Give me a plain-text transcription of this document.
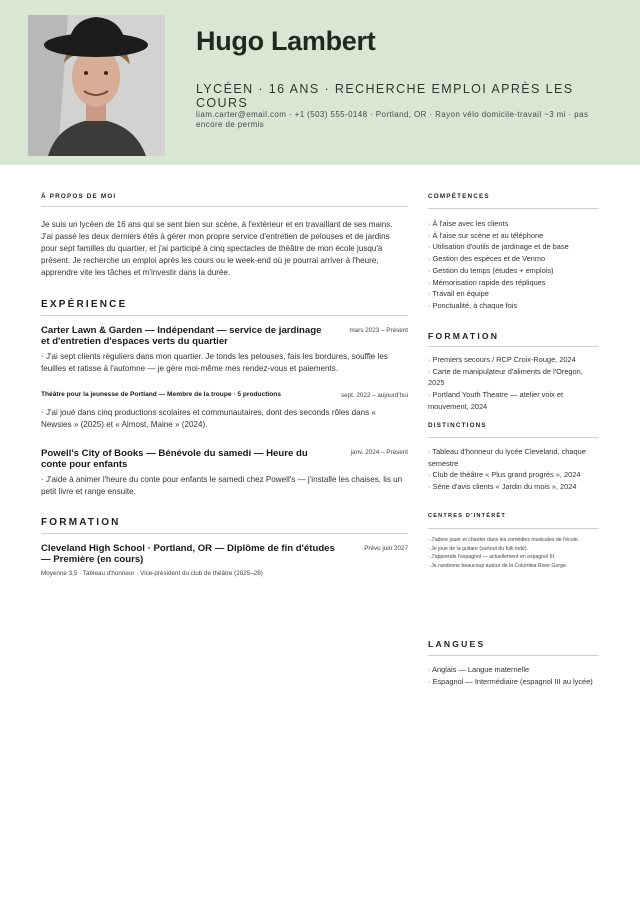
Hugo Lambert
LYCÉEN · 16 ANS · RECHERCHE EMPLOI APRÈS LES COURS
liam.carter@email.com · +1 (503) 555-0148 · Portland, OR · Rayon vélo domicile-travail ~3 mi · pas encore de permis
À PROPOS DE MOI
Je suis un lycéen de 16 ans qui se sent bien sur scène, à l'extérieur et en travaillant de ses mains. J'ai passé les deux derniers étés à gérer mon propre service d'entretien de pelouses et de jardins pour sept familles du quartier, et j'ai participé à cinq spectacles de théâtre de mon école jusqu'à présent. Je recherche un emploi après les cours ou le week-end où je pourrai arriver à l'heure, apprendre vite les tâches et m'investir dans la durée.
EXPÉRIENCE
Carter Lawn & Garden — Indépendant — service de jardinage et d'entretien d'espaces verts du quartier
mars 2023 – Présent
· J'ai sept clients réguliers dans mon quartier. Je tonds les pelouses, fais les bordures, souffle les feuilles et ratisse à l'automne — je gère moi-même mes rendez-vous et paiements.
Théâtre pour la jeunesse de Portland — Membre de la troupe · 5 productions	sept. 2022 – aujourd'hui
· J'ai joué dans cinq productions scolaires et communautaires, dont des seconds rôles dans « Newsies » (2025) et « Almost, Maine » (2024).
Powell's City of Books — Bénévole du samedi — Heure du conte pour enfants
janv. 2024 – Présent
· J'aide à animer l'heure du conte pour enfants le samedi chez Powell's — j'installe les chaises, lis un petit livre et range ensuite.
FORMATION
Cleveland High School · Portland, OR — Diplôme de fin d'études — Première (en cours)
Prévu juin 2027
Moyenne 3,5 · Tableau d'honneur · Vice-président du club de théâtre (2025–26)
COMPÉTENCES
· À l'aise avec les clients
· À l'aise sur scène et au téléphone
· Utilisation d'outils de jardinage et de base
· Gestion des espèces et de Venmo
· Gestion du temps (études + emplois)
· Mémorisation rapide des répliques
· Travail en équipe
· Ponctualité, à chaque fois
FORMATION
· Premiers secours / RCP Croix-Rouge, 2024
· Carte de manipulateur d'aliments de l'Oregon, 2025
· Portland Youth Theatre — atelier voix et mouvement, 2024
DISTINCTIONS
· Tableau d'honneur du lycée Cleveland, chaque semestre
· Club de théâtre « Plus grand progrès », 2024
· Série d'avis clients « Jardin du mois », 2024
CENTRES D'INTÉRÊT
· J'adore jouer et chanter dans les comédies musicales de l'école.
· Je joue de la guitare (surtout du folk indé).
· J'apprends l'espagnol — actuellement en espagnol III.
· Je randonne beaucoup autour de la Columbia River Gorge.
LANGUES
· Anglais — Langue maternelle
· Espagnol — Intermédiaire (espagnol III au lycée)
